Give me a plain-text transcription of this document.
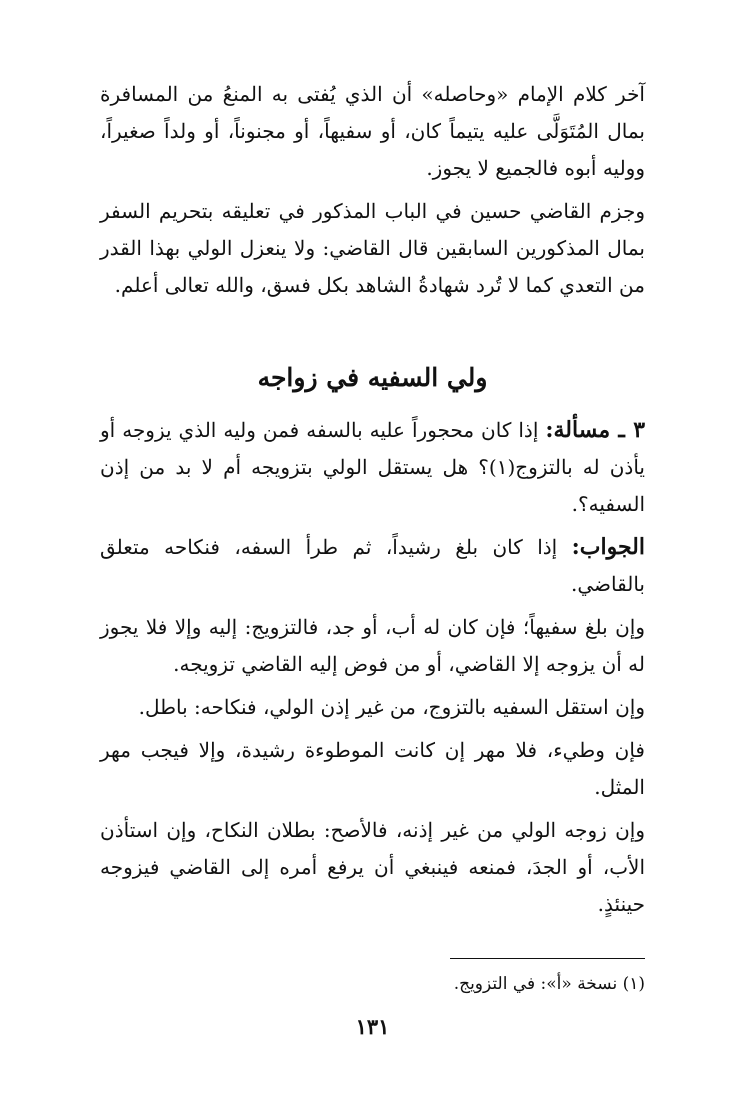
آخر كلام الإمام «وحاصله» أن الذي يُفتى به المنعُ من المسافرة بمال المُتَوَلَّى عليه يتيماً كان، أو سفيهاً، أو مجنوناً، أو ولداً صغيراً، ووليه أبوه فالجميع لا يجوز.

وجزم القاضي حسين في الباب المذكور في تعليقه بتحريم السفر بمال المذكورين السابقين قال القاضي: ولا ينعزل الولي بهذا القدر من التعدي كما لا تُرد شهادةُ الشاهد بكل فسق، والله تعالى أعلم.

ولي السفيه في زواجه

٣ ـ مسألة: إذا كان محجوراً عليه بالسفه فمن وليه الذي يزوجه أو يأذن له بالتزوج(١)؟ هل يستقل الولي بتزويجه أم لا بد من إذن السفيه؟.

الجواب: إذا كان بلغ رشيداً، ثم طرأ السفه، فنكاحه متعلق بالقاضي.

وإن بلغ سفيهاً؛ فإن كان له أب، أو جد، فالتزويج: إليه وإلا فلا يجوز له أن يزوجه إلا القاضي، أو من فوض إليه القاضي تزويجه.

وإن استقل السفيه بالتزوج، من غير إذن الولي، فنكاحه: باطل.

فإن وطيء، فلا مهر إن كانت الموطوءة رشيدة، وإلا فيجب مهر المثل.

وإن زوجه الولي من غير إذنه، فالأصح: بطلان النكاح، وإن استأذن الأب، أو الجدَ، فمنعه فينبغي أن يرفع أمره إلى القاضي فيزوجه حينئذٍ.

(١) نسخة «أ»: في التزويج.
١٣١
